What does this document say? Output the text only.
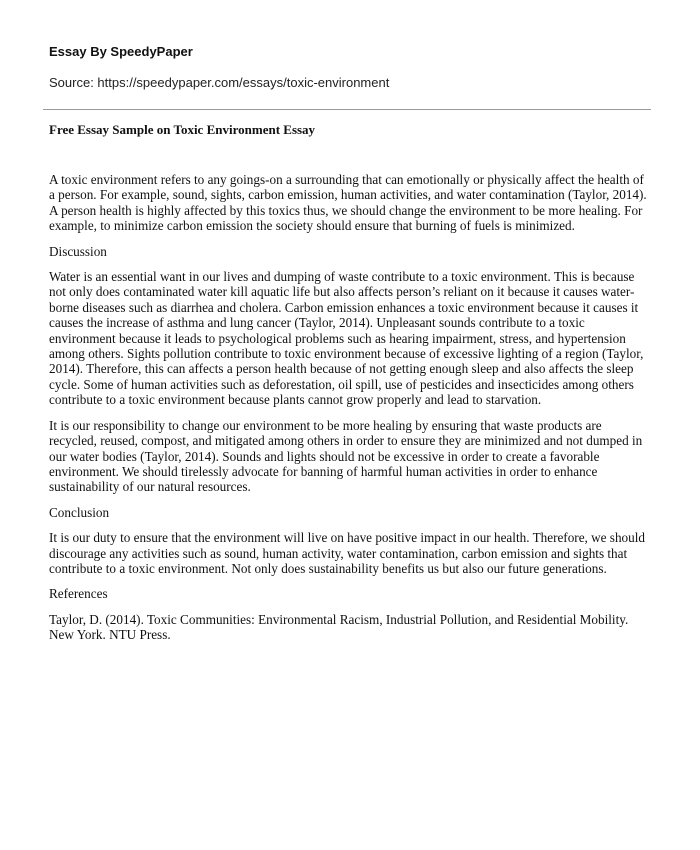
Essay By SpeedyPaper

Source: https://speedypaper.com/essays/toxic-environment

Free Essay Sample on Toxic Environment Essay

A toxic environment refers to any goings-on a surrounding that can emotionally or physically affect the health of a person. For example, sound, sights, carbon emission, human activities, and water contamination (Taylor, 2014). A person health is highly affected by this toxics thus, we should change the environment to be more healing. For example, to minimize carbon emission the society should ensure that burning of fuels is minimized.

Discussion

Water is an essential want in our lives and dumping of waste contribute to a toxic environment. This is because not only does contaminated water kill aquatic life but also affects person’s reliant on it because it causes water-borne diseases such as diarrhea and cholera. Carbon emission enhances a toxic environment because it causes it causes the increase of asthma and lung cancer (Taylor, 2014). Unpleasant sounds contribute to a toxic environment because it leads to psychological problems such as hearing impairment, stress, and hypertension among others. Sights pollution contribute to toxic environment because of excessive lighting of a region (Taylor, 2014). Therefore, this can affects a person health because of not getting enough sleep and also affects the sleep cycle. Some of human activities such as deforestation, oil spill, use of pesticides and insecticides among others contribute to a toxic environment because plants cannot grow properly and lead to starvation.

It is our responsibility to change our environment to be more healing by ensuring that waste products are recycled, reused, compost, and mitigated among others in order to ensure they are minimized and not dumped in our water bodies (Taylor, 2014). Sounds and lights should not be excessive in order to create a favorable environment. We should tirelessly advocate for banning of harmful human activities in order to enhance sustainability of our natural resources.

Conclusion

It is our duty to ensure that the environment will live on have positive impact in our health. Therefore, we should discourage any activities such as sound, human activity, water contamination, carbon emission and sights that contribute to a toxic environment. Not only does sustainability benefits us but also our future generations.

References

Taylor, D. (2014). Toxic Communities: Environmental Racism, Industrial Pollution, and Residential Mobility. New York. NTU Press.
